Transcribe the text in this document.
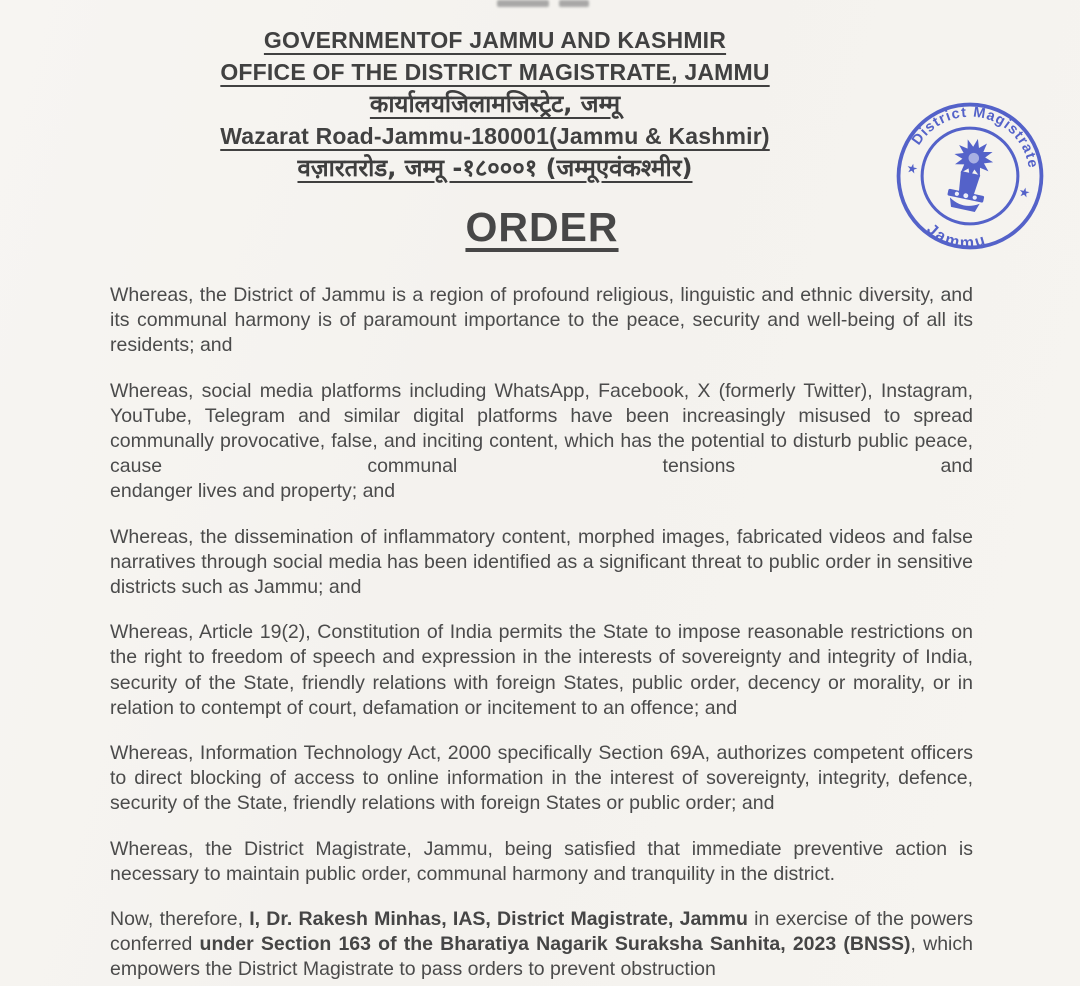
GOVERNMENTOF JAMMU AND KASHMIR
OFFICE OF THE DISTRICT MAGISTRATE, JAMMU
कार्यालयजिलामजिस्ट्रेट, जम्मू
Wazarat Road-Jammu-180001(Jammu & Kashmir)
वज़ारतरोड, जम्मू -१८०००१ (जम्मूएवंकश्मीर)
District Magistrate
Jammu
★
★
ORDER
Whereas, the District of Jammu is a region of profound religious, linguistic and ethnic diversity, and its communal harmony is of paramount importance to the peace, security and well-being of all its residents; and
Whereas, social media platforms including WhatsApp, Facebook, X (formerly Twitter), Instagram, YouTube, Telegram and similar digital platforms have been increasingly misused to spread communally provocative, false, and inciting content, which has the potential to disturb public peace, cause communal tensions and
endanger lives and property; and
Whereas, the dissemination of inflammatory content, morphed images, fabricated videos and false narratives through social media has been identified as a significant threat to public order in sensitive districts such as Jammu; and
Whereas, Article 19(2), Constitution of India permits the State to impose reasonable restrictions on the right to freedom of speech and expression in the interests of sovereignty and integrity of India, security of the State, friendly relations with foreign States, public order, decency or morality, or in relation to contempt of court, defamation or incitement to an offence; and
Whereas, Information Technology Act, 2000 specifically Section 69A, authorizes competent officers to direct blocking of access to online information in the interest of sovereignty, integrity, defence, security of the State, friendly relations with foreign States or public order; and
Whereas, the District Magistrate, Jammu, being satisfied that immediate preventive action is necessary to maintain public order, communal harmony and tranquility in the district.
Now, therefore, I, Dr. Rakesh Minhas, IAS, District Magistrate, Jammu in exercise of the powers conferred under Section 163 of the Bharatiya Nagarik Suraksha Sanhita, 2023 (BNSS), which empowers the District Magistrate to pass orders to prevent obstruction
